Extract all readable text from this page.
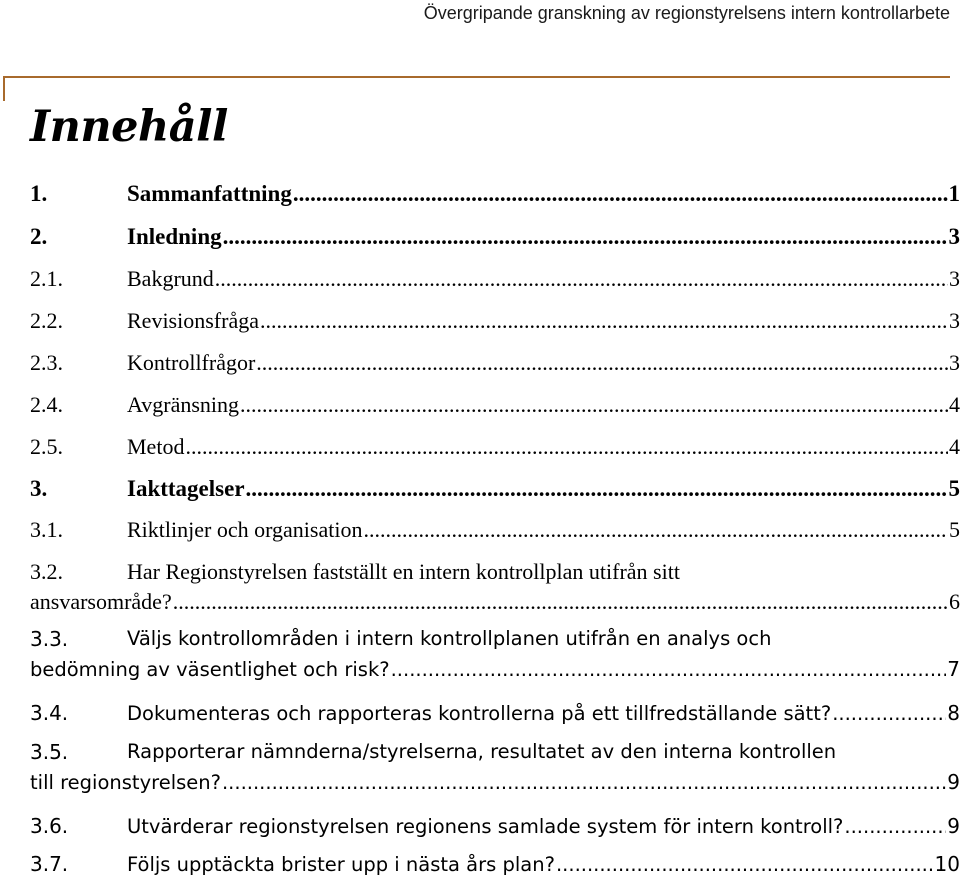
Övergripande granskning av regionstyrelsens intern kontrollarbete
Innehåll
1.	Sammanfattning .....	1
2.	Inledning .....	3
2.1.	Bakgrund .....	3
2.2.	Revisionsfråga .....	3
2.3.	Kontrollfrågor .....	3
2.4.	Avgränsning .....	4
2.5.	Metod .....	4
3.	Iakttagelser .....	5
3.1.	Riktlinjer och organisation .....	5
3.2.	Har Regionstyrelsen fastställt en intern kontrollplan utifrån sitt
ansvarsområde? .....	6
3.3.	Väljs kontrollområden i intern kontrollplanen utifrån en analys och
bedömning av väsentlighet och risk? .....	7
3.4.	Dokumenteras och rapporteras kontrollerna på ett tillfredställande sätt? .....	8
3.5.	Rapporterar nämnderna/styrelserna, resultatet av den interna kontrollen
till regionstyrelsen? .....	9
3.6.	Utvärderar regionstyrelsen regionens samlade system för intern kontroll? .....	9
3.7.	Följs upptäckta brister upp i nästa års plan? .....	10
